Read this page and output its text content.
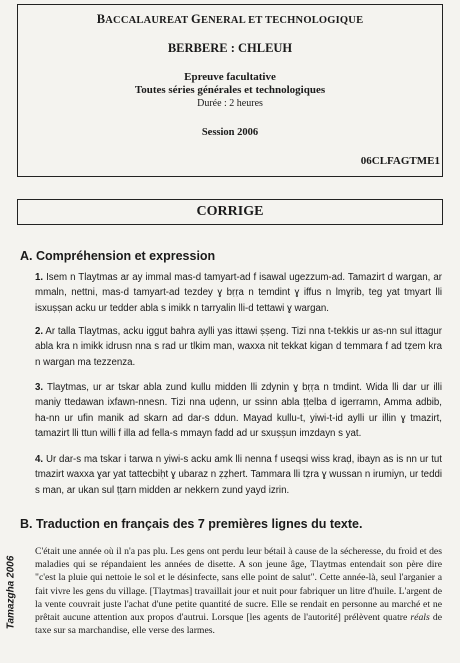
BACCALAUREAT GENERAL ET TECHNOLOGIQUE
BERBERE : CHLEUH
Epreuve facultative
Toutes séries générales et technologiques
Durée : 2 heures
Session 2006
06CLFAGTME1
CORRIGE
A. Compréhension et expression

1. Isem n Tlaytmas ar ay immal mas-d tamyart-ad f isawal ugezzum-ad. Tamazirt d wargan, ar mmaln, nettni, mas-d tamyart-ad tezdey ɣ bṛṛa n temdint ɣ iffus n lmɣrib, teg yat tmyart lli isxuṣṣan acku ur tedder abla s imikk n tarryalin lli-d tettawi ɣ wargan.

2. Ar talla Tlaytmas, acku iggut bahra aylli yas ittawi ṣṣeng. Tizi nna t-tekkis ur as-nn sul ittagur abla kra n imikk idrusn nna s rad ur tlkim man, waxxa nit tekkat kigan d temmara f ad tẓem kra n wargan ma tezzenza.

3. Tlaytmas, ur ar tskar abla zund kullu midden lli zdynin ɣ bṛṛa n tmdint. Wida lli dar ur illi maniy ttedawan ixfawn-nnesn. Tizi nna uḍenn, ur ssinn abla ṭṭelba d igerramn, Amma adbib, ha-nn ur ufin manik ad skarn ad dar-s ddun. Mayad kullu-t, yiwi-t-id aylli ur illin ɣ tmazirt, tamazirt lli ttun willi f illa ad fella-s mmayn fadd ad ur sxuṣṣun imzdayn s yat.

4. Ur dar-s ma tskar i tarwa n yiwi-s acku amk lli nenna f useqsi wiss kraḍ, ibayn as is nn ur tut tmazirt waxxa ɣar yat tattecbiḥt ɣ ubaraz n ẓẓhert. Tammara lli tẓra ɣ wussan n irumiyn, ur teddi s man, ar ukan sul ṭṭarn midden ar nekkern zund yayd izrin.

B. Traduction en français des 7 premières lignes du texte.

C'était une année où il n'a pas plu. Les gens ont perdu leur bétail à cause de la sécheresse, du froid et des maladies qui se répandaient les années de disette. A son jeune âge, Tlaytmas entendait son père dire "c'est la pluie qui nettoie le sol et le désinfecte, sans elle point de salut". Cette année-là, seul l'arganier a fait vivre les gens du village. [Tlaytmas] travaillait jour et nuit pour fabriquer un litre d'huile. L'argent de la vente couvrait juste l'achat d'une petite quantité de sucre. Elle se rendait en personne au marché et ne prêtait aucune attention aux propos d'autrui. Lorsque [les agents de l'autorité] prélèvent quatre réals de taxe sur sa marchandise, elle verse des larmes.

Tamazgha 2006
